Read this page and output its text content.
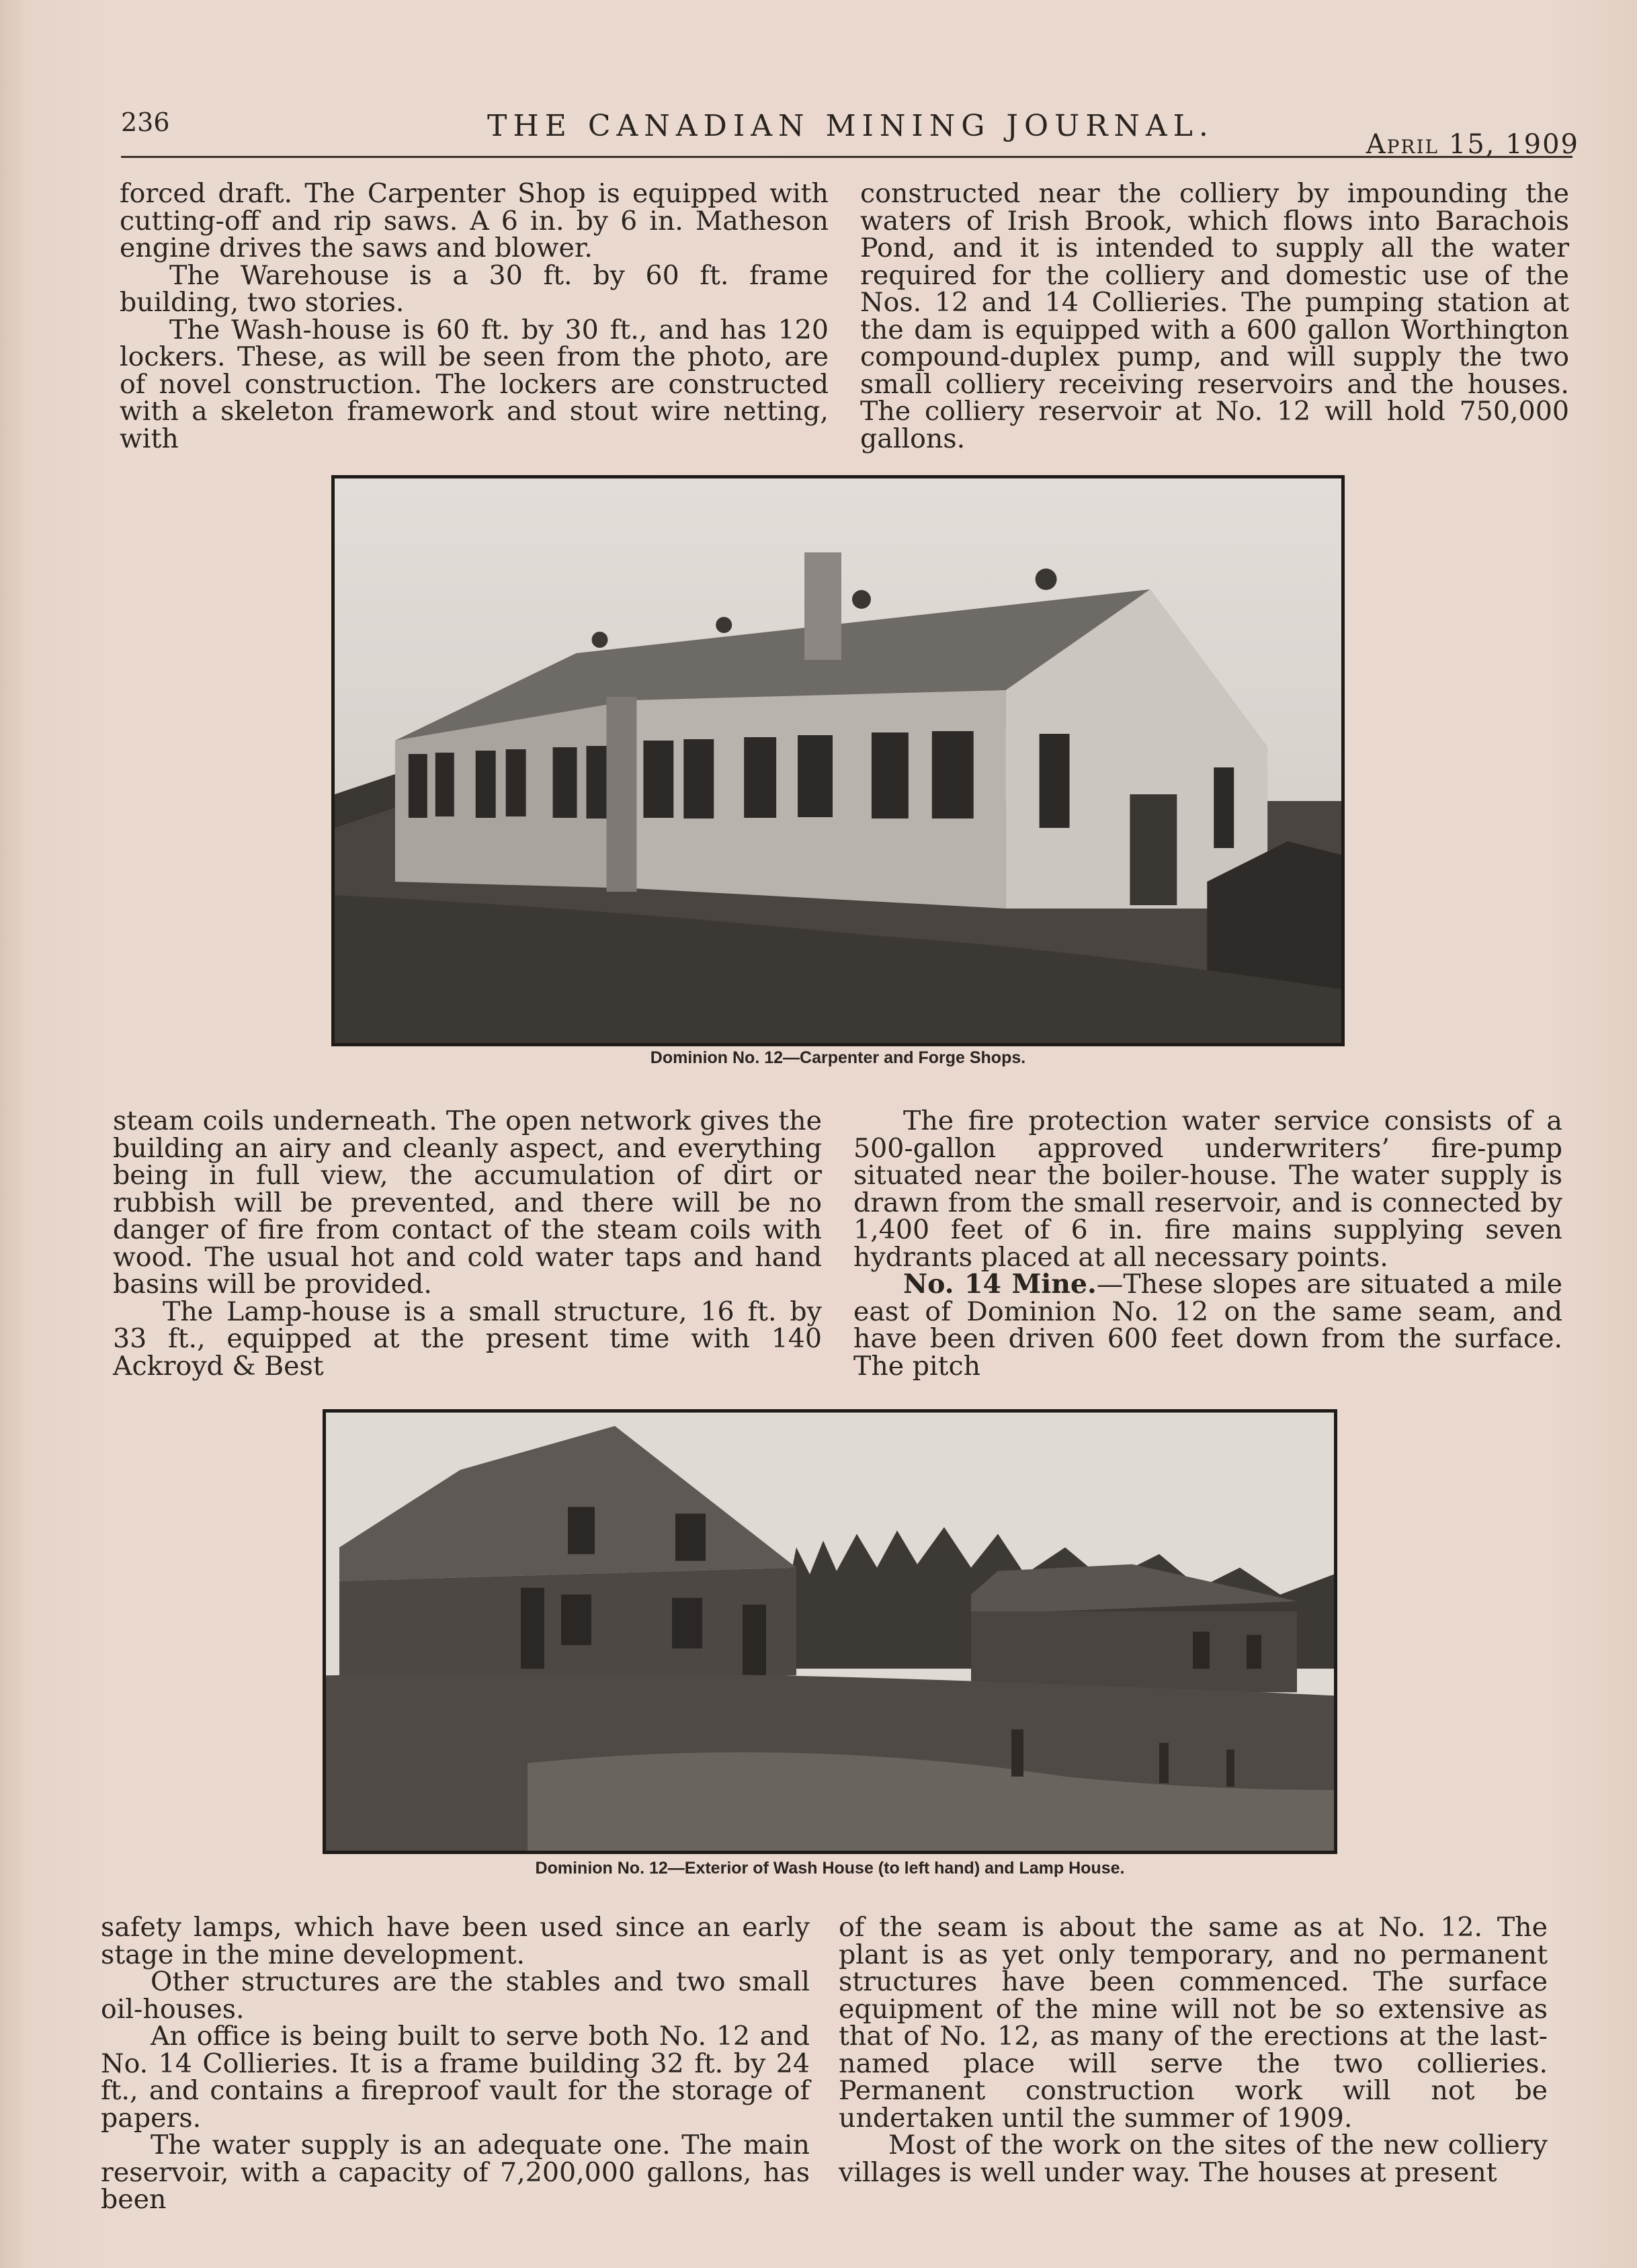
236	THE CANADIAN MINING JOURNAL.
April 15, 1909

forced draft. The Carpenter Shop is equipped with cutting-off and rip saws. A 6 in. by 6 in. Matheson engine drives the saws and blower.

The Warehouse is a 30 ft. by 60 ft. frame building, two stories.

The Wash-house is 60 ft. by 30 ft., and has 120 lockers. These, as will be seen from the photo, are of novel construction. The lockers are constructed with a skeleton framework and stout wire netting, with

constructed near the colliery by impounding the waters of Irish Brook, which flows into Barachois Pond, and it is intended to supply all the water required for the colliery and domestic use of the Nos. 12 and 14 Collieries. The pumping station at the dam is equipped with a 600 gallon Worthington compound-duplex pump, and will supply the two small colliery receiving reservoirs and the houses. The colliery reservoir at No. 12 will hold 750,000 gallons.

Dominion No. 12—Carpenter and Forge Shops.

steam coils underneath. The open network gives the building an airy and cleanly aspect, and everything being in full view, the accumulation of dirt or rubbish will be prevented, and there will be no danger of fire from contact of the steam coils with wood. The usual hot and cold water taps and hand basins will be provided.

The Lamp-house is a small structure, 16 ft. by 33 ft., equipped at the present time with 140 Ackroyd & Best

The fire protection water service consists of a 500-gallon approved underwriters’ fire-pump situated near the boiler-house. The water supply is drawn from the small reservoir, and is connected by 1,400 feet of 6 in. fire mains supplying seven hydrants placed at all necessary points.

No. 14 Mine.—These slopes are situated a mile east of Dominion No. 12 on the same seam, and have been driven 600 feet down from the surface. The pitch

Dominion No. 12—Exterior of Wash House (to left hand) and Lamp House.

safety lamps, which have been used since an early stage in the mine development.

Other structures are the stables and two small oil-houses.

An office is being built to serve both No. 12 and No. 14 Collieries. It is a frame building 32 ft. by 24 ft., and contains a fireproof vault for the storage of papers.

The water supply is an adequate one. The main reservoir, with a capacity of 7,200,000 gallons, has been

of the seam is about the same as at No. 12. The plant is as yet only temporary, and no permanent structures have been commenced. The surface equipment of the mine will not be so extensive as that of No. 12, as many of the erections at the last-named place will serve the two collieries. Permanent construction work will not be undertaken until the summer of 1909.

Most of the work on the sites of the new colliery villages is well under way. The houses at present
